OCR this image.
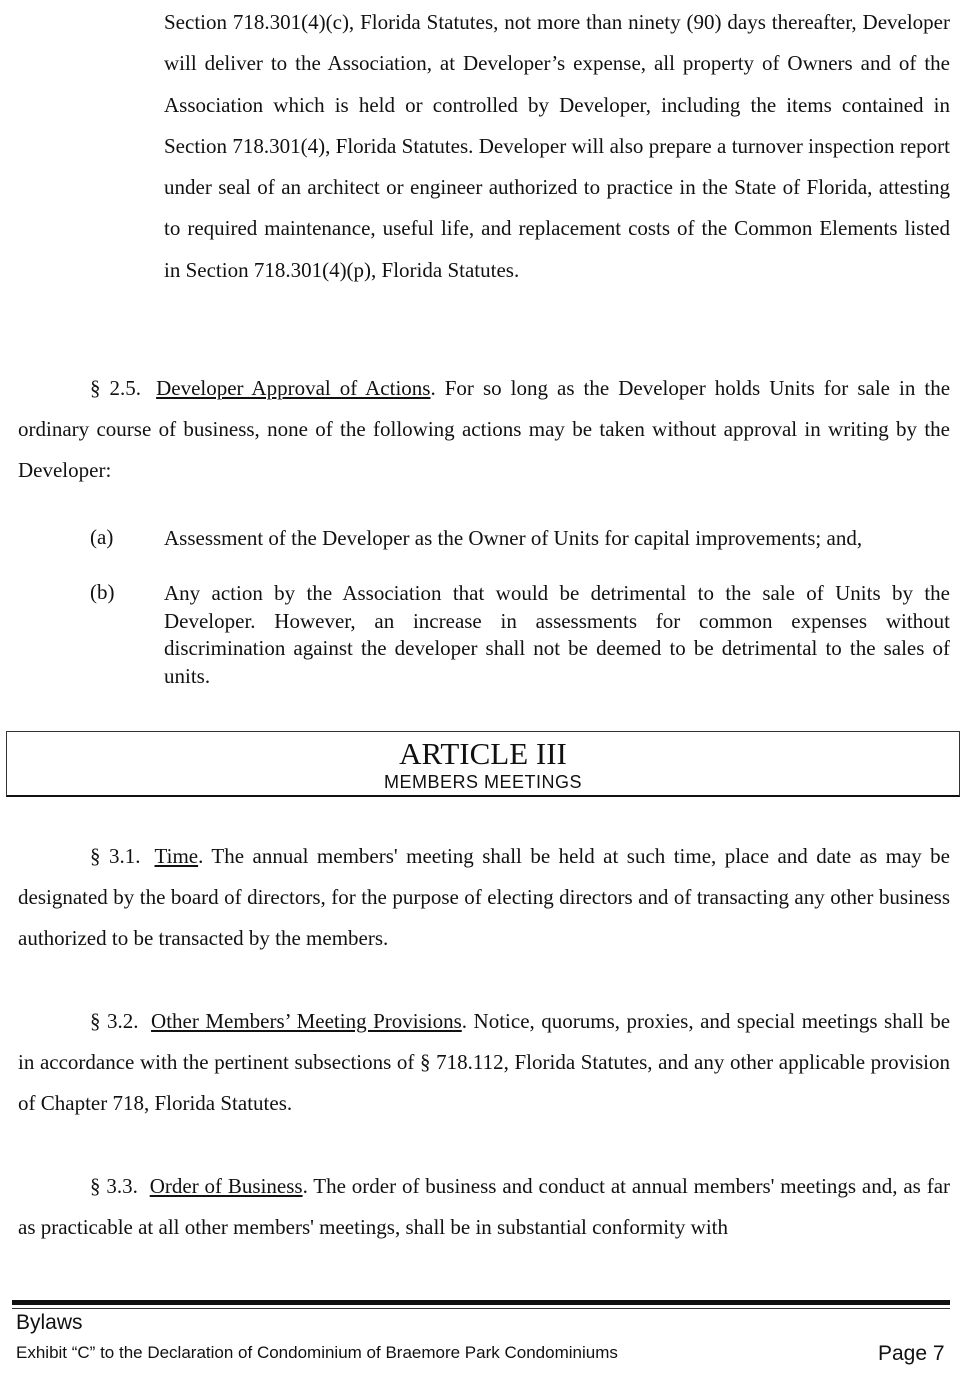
Section 718.301(4)(c), Florida Statutes, not more than ninety (90) days thereafter, Developer will deliver to the Association, at Developer’s expense, all property of Owners and of the Association which is held or controlled by Developer, including the items contained in Section 718.301(4), Florida Statutes. Developer will also prepare a turnover inspection report under seal of an architect or engineer authorized to practice in the State of Florida, attesting to required maintenance, useful life, and replacement costs of the Common Elements listed in Section 718.301(4)(p), Florida Statutes.

§ 2.5. Developer Approval of Actions. For so long as the Developer holds Units for sale in the ordinary course of business, none of the following actions may be taken without approval in writing by the Developer:

(a) Assessment of the Developer as the Owner of Units for capital improvements; and,
(b) Any action by the Association that would be detrimental to the sale of Units by the Developer. However, an increase in assessments for common expenses without discrimination against the developer shall not be deemed to be detrimental to the sales of units.
ARTICLE III
MEMBERS MEETINGS

§ 3.1. Time. The annual members' meeting shall be held at such time, place and date as may be designated by the board of directors, for the purpose of electing directors and of transacting any other business authorized to be transacted by the members.

§ 3.2. Other Members’ Meeting Provisions. Notice, quorums, proxies, and special meetings shall be in accordance with the pertinent subsections of § 718.112, Florida Statutes, and any other applicable provision of Chapter 718, Florida Statutes.

§ 3.3. Order of Business. The order of business and conduct at annual members' meetings and, as far as practicable at all other members' meetings, shall be in substantial conformity with

Bylaws
Exhibit “C” to the Declaration of Condominium of Braemore Park Condominiums	Page 7
